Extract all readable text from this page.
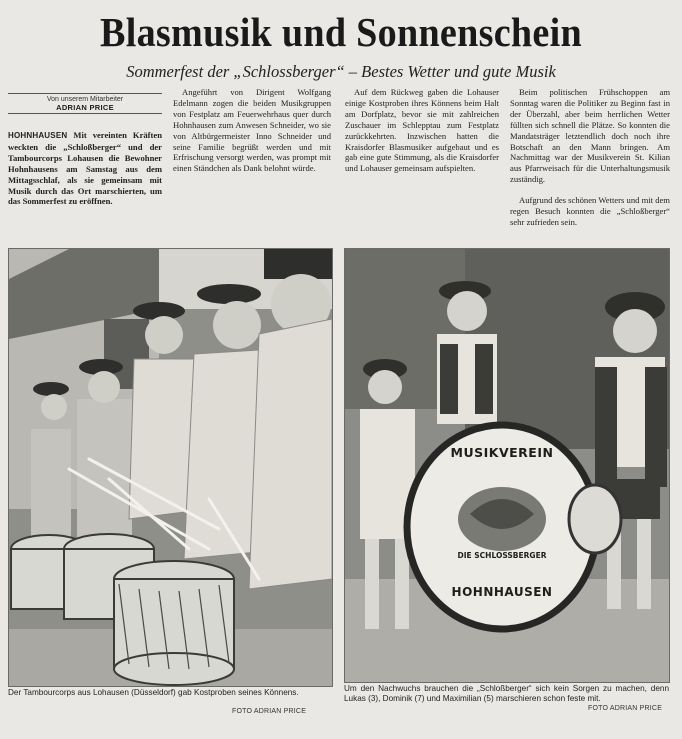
Blasmusik und Sonnenschein
Sommerfest der „Schlossberger“ – Bestes Wetter und gute Musik
Von unserem Mitarbeiter
ADRIAN PRICE

HOHNHAUSEN Mit vereinten Kräften weckten die „Schloßberger“ und der Tambourcorps Lohausen die Bewohner Hohnhausens am Samstag aus dem Mittagsschlaf, als sie gemeinsam mit Musik durch das Ort marschierten, um das Sommerfest zu eröffnen.

Angeführt von Dirigent Wolfgang Edelmann zogen die beiden Musikgruppen von Festplatz am Feuerwehrhaus quer durch Hohnhausen zum Anwesen Schneider, wo sie von Altbürgermeister Inno Schneider und seine Familie begrüßt werden und mit Erfrischung versorgt werden, was prompt mit einen Ständchen als Dank belohnt würde.

Auf dem Rückweg gaben die Lohauser einige Kostproben ihres Könnens beim Halt am Dorfplatz, bevor sie mit zahlreichen Zuschauer im Schlepptau zum Festplatz zurückkehrten. Inzwischen hatten die Kraisdorfer Blasmusiker aufgebaut und es gab eine gute Stimmung, als die Kraisdorfer und Lohauser gemeinsam aufspielten.

Beim politischen Frühschoppen am Sonntag waren die Politiker zu Beginn fast in der Überzahl, aber beim herrlichen Wetter füllten sich schnell die Plätze. So konnten die Mandatsträger letztendlich doch noch ihre Botschaft an den Mann bringen. Am Nachmittag war der Musikverein St. Kilian aus Pfarrweisach für die Unterhaltungsmusik zuständig.

Aufgrund des schönen Wetters und mit dem regen Besuch konnten die „Schloßberger“ sehr zufrieden sein.

Der Tambourcorps aus Lohausen (Düsseldorf) gab Kostproben seines Könnens.
FOTO ADRIAN PRICE
MUSIKVEREIN
DIE SCHLOSSBERGER
HOHNHAUSEN
Um den Nachwuchs brauchen die „Schloßberger“ sich kein Sorgen zu machen, denn Lukas (3), Dominik (7) und Maximilian (5) marschieren schon feste mit.
FOTO ADRIAN PRICE
